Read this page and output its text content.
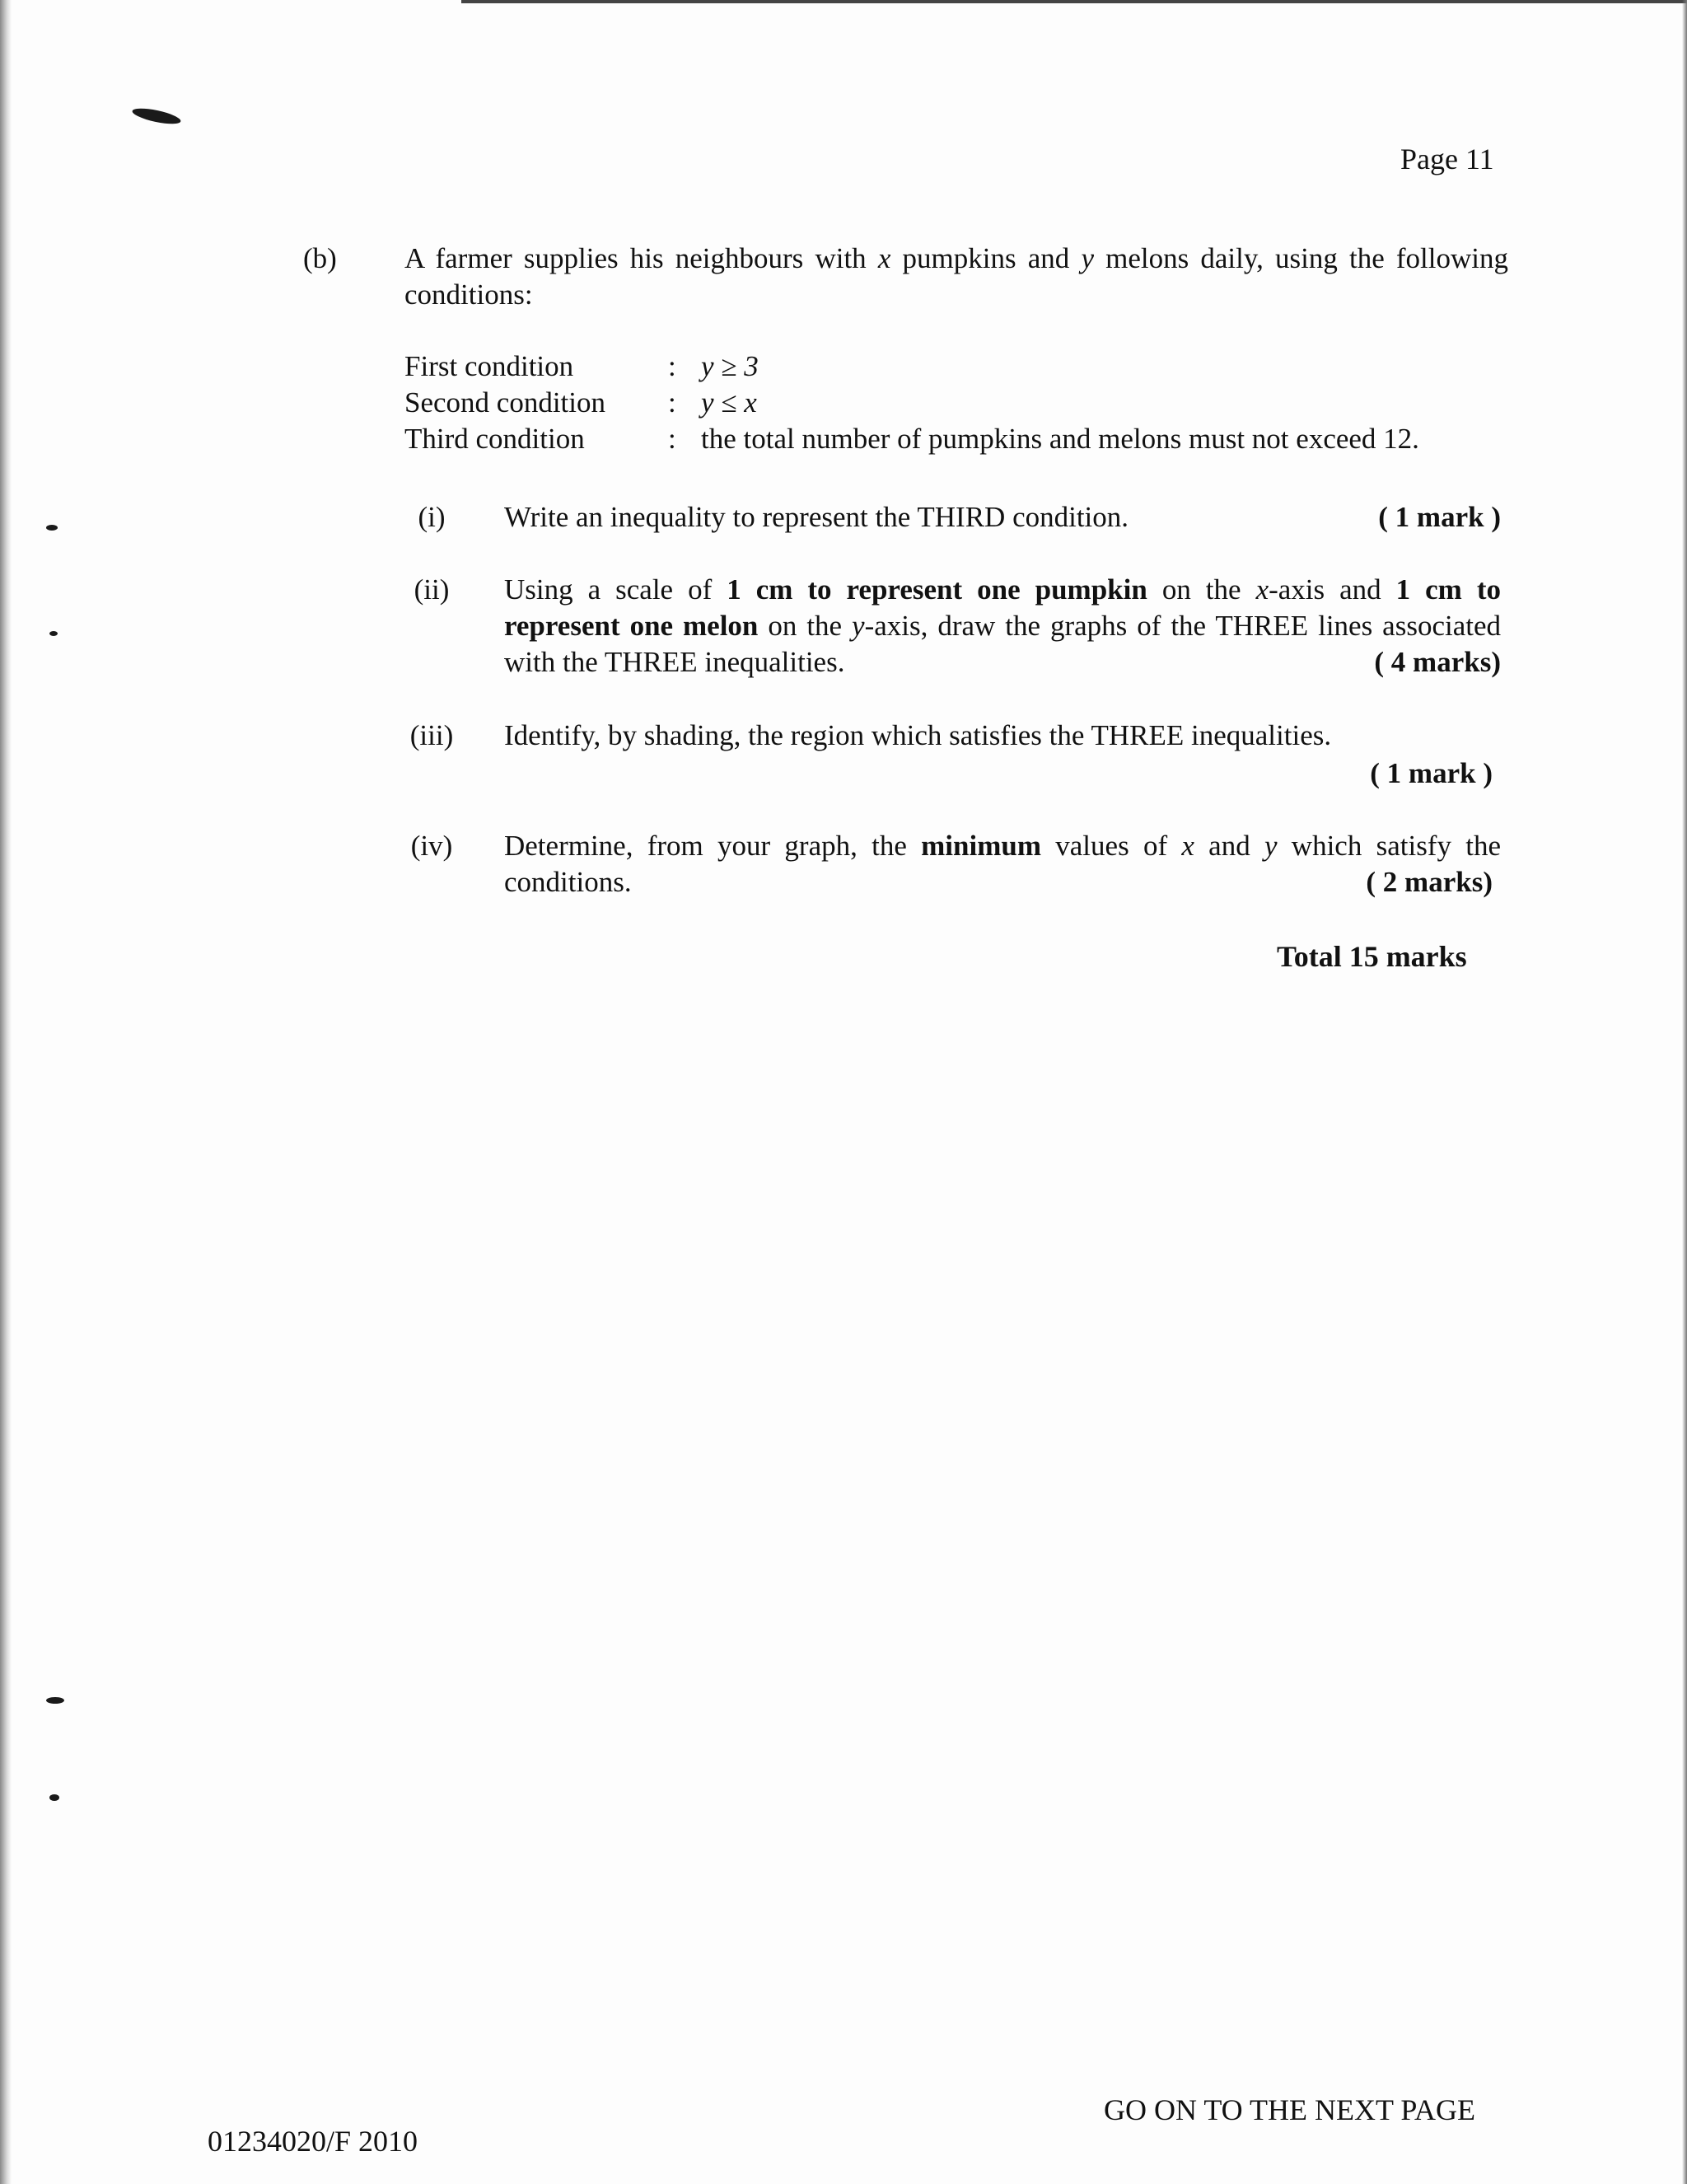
Page 11
(b) A farmer supplies his neighbours with x pumpkins and y melons daily, using the following conditions:
First condition	:	y ≥ 3
Second condition	:	y ≤ x
Third condition	:	the total number of pumpkins and melons must not exceed 12.
(i)	Write an inequality to represent the THIRD condition.	( 1 mark )
(ii)	Using a scale of 1 cm to represent one pumpkin on the x-axis and 1 cm to represent one melon on the y-axis, draw the graphs of the THREE lines associated with the THREE inequalities.	( 4 marks)
(iii)	Identify, by shading, the region which satisfies the THREE inequalities.
( 1 mark )
(iv)	Determine, from your graph, the minimum values of x and y which satisfy the conditions.	( 2 marks)
Total 15 marks
GO ON TO THE NEXT PAGE
01234020/F 2010
